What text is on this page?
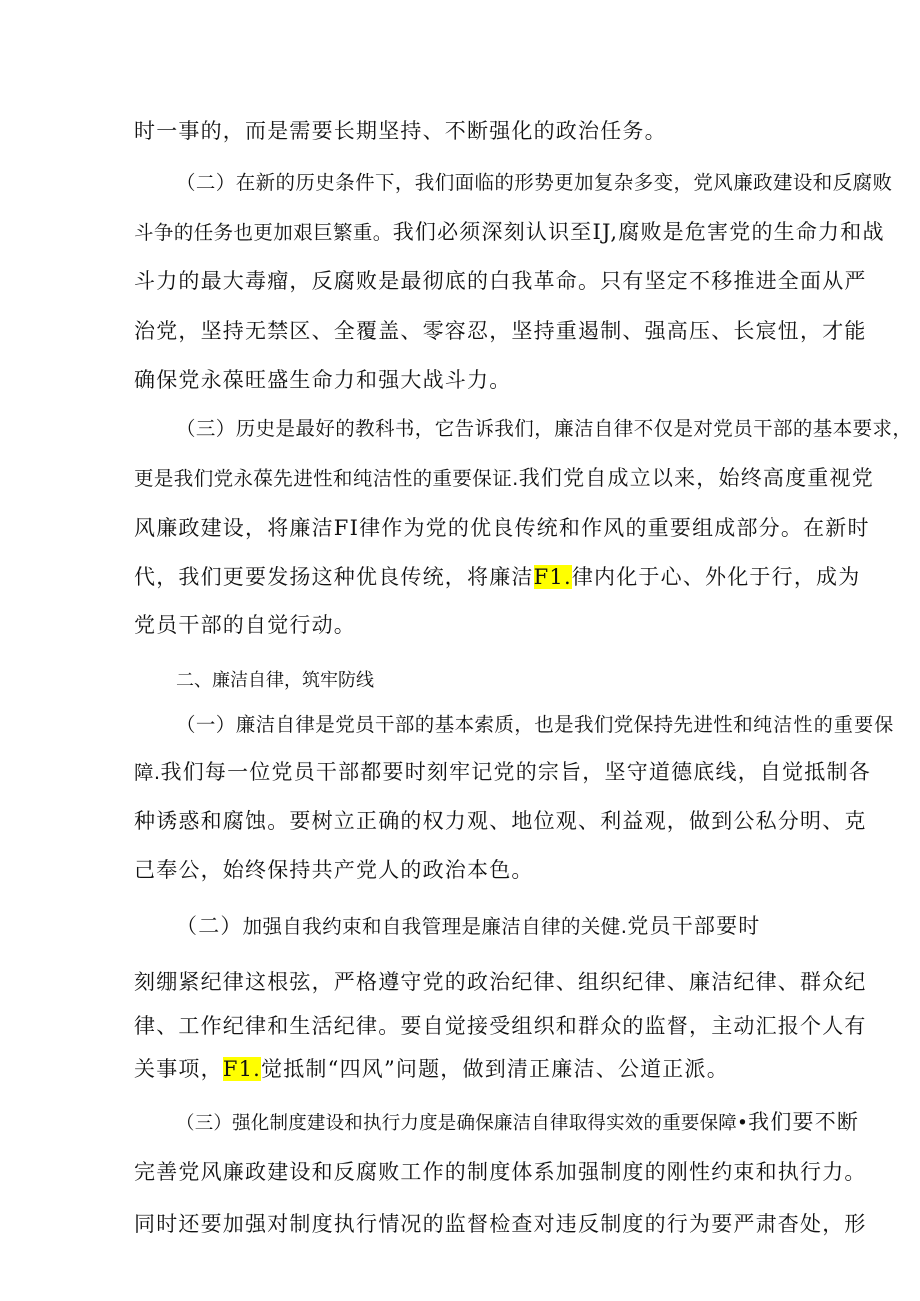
时一事的，而是需要长期坚持、不断强化的政治任务。
（二）在新的历史条件下，我们面临的形势更加复杂多变，党风廉政建设和反腐败
斗争的任务也更加艰巨繁重。我们必须深刻认识至IJ,腐败是危害党的生命力和战
斗力的最大毒瘤，反腐败是最彻底的白我革命。只有坚定不移推进全面从严
治党，坚持无禁区、全覆盖、零容忍，坚持重遏制、强高压、长宸忸，才能
确保党永葆旺盛生命力和强大战斗力。
（三）历史是最好的教科书，它告诉我们，廉洁自律不仅是对党员干部的基本要求，
更是我们党永葆先进性和纯洁性的重要保证.我们党自成立以来，始终高度重视党
风廉政建设，将廉洁FI律作为党的优良传统和作风的重要组成部分。在新时
代，我们更要发扬这种优良传统，将廉洁F1.律内化于心、外化于行，成为
党员干部的自觉行动。
二、廉洁自律，筑牢防线
（一）廉洁自律是党员干部的基本索质，也是我们党保持先进性和纯洁性的重要保
障.我们每一位党员干部都要时刻牢记党的宗旨，坚守道德底线，自觉抵制各
种诱惑和腐蚀。要树立正确的权力观、地位观、利益观，做到公私分明、克
己奉公，始终保持共产党人的政治本色。
（二）加强自我约束和自我管理是廉洁自律的关健.党员干部要时
刻绷紧纪律这根弦，严格遵守党的政治纪律、组织纪律、廉洁纪律、群众纪
律、工作纪律和生活纪律。要自觉接受组织和群众的监督，主动汇报个人有
关事项，F1.觉抵制“四风”问题，做到清正廉洁、公道正派。
（三）强化制度建设和执行力度是确保廉洁自律取得实效的重要保障•我们要不断
完善党风廉政建设和反腐败工作的制度体系加强制度的刚性约束和执行力。
同时还要加强对制度执行情况的监督检查对违反制度的行为要严肃杳处，形
